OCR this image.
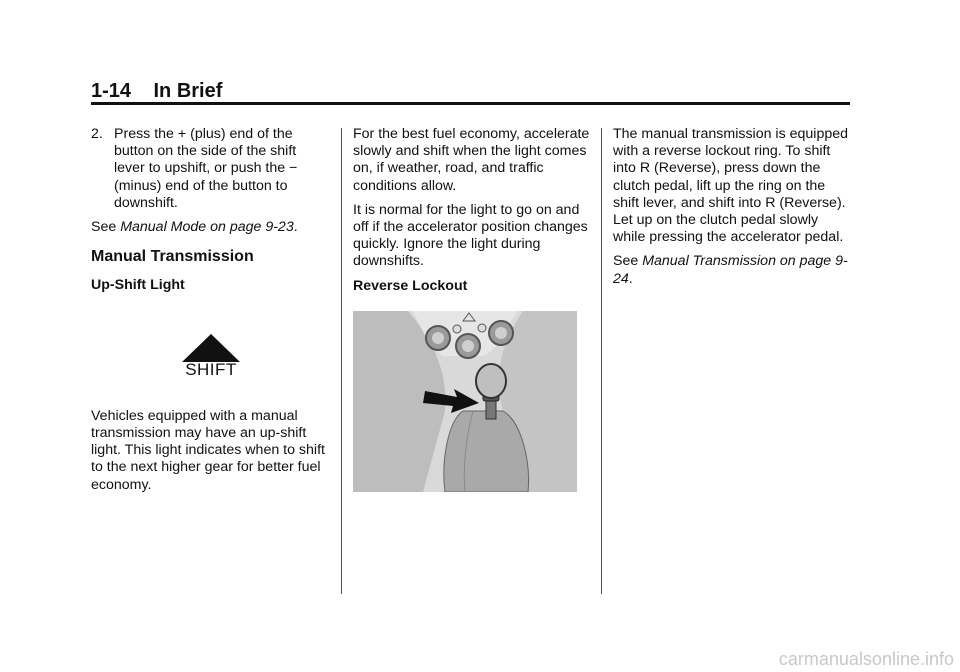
1-14 In Brief
2. Press the + (plus) end of the button on the side of the shift lever to upshift, or push the − (minus) end of the button to downshift.

See Manual Mode on page 9-23.

Manual Transmission
Up-Shift Light
SHIFT

Vehicles equipped with a manual transmission may have an up-shift light. This light indicates when to shift to the next higher gear for better fuel economy.

For the best fuel economy, accelerate slowly and shift when the light comes on, if weather, road, and traffic conditions allow.

It is normal for the light to go on and off if the accelerator position changes quickly. Ignore the light during downshifts.

Reverse Lockout

The manual transmission is equipped with a reverse lockout ring. To shift into R (Reverse), press down the clutch pedal, lift up the ring on the shift lever, and shift into R (Reverse). Let up on the clutch pedal slowly while pressing the accelerator pedal.

See Manual Transmission on page 9-24.

carmanualsonline.info
